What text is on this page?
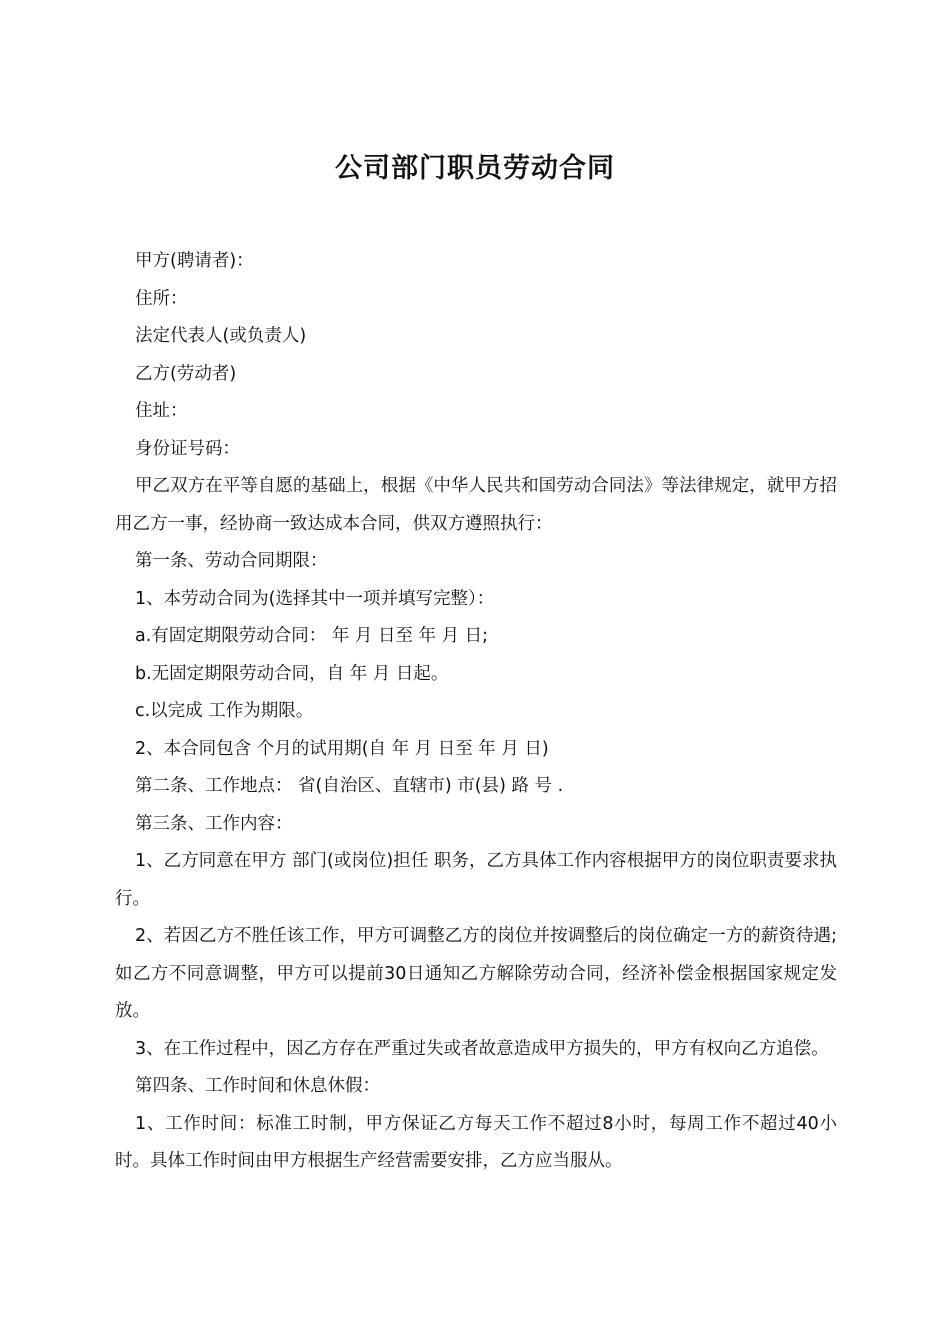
公司部门职员劳动合同

甲方(聘请者)：

住所：

法定代表人(或负责人)

乙方(劳动者)

住址：

身份证号码：

甲乙双方在平等自愿的基础上，根据《中华人民共和国劳动合同法》等法律规定，就甲方招用乙方一事，经协商一致达成本合同，供双方遵照执行：

第一条、劳动合同期限：

1、本劳动合同为(选择其中一项并填写完整）：

a.有固定期限劳动合同： 年 月 日至 年 月 日;

b.无固定期限劳动合同，自 年 月 日起。

c.以完成 工作为期限。

2、本合同包含 个月的试用期(自 年 月 日至 年 月 日)

第二条、工作地点： 省(自治区、直辖市) 市(县) 路 号 .

第三条、工作内容：

1、乙方同意在甲方 部门(或岗位)担任 职务，乙方具体工作内容根据甲方的岗位职责要求执行。

2、若因乙方不胜任该工作，甲方可调整乙方的岗位并按调整后的岗位确定一方的薪资待遇;如乙方不同意调整，甲方可以提前30日通知乙方解除劳动合同，经济补偿金根据国家规定发放。

3、在工作过程中，因乙方存在严重过失或者故意造成甲方损失的，甲方有权向乙方追偿。

第四条、工作时间和休息休假：

1、工作时间：标准工时制，甲方保证乙方每天工作不超过8小时，每周工作不超过40小时。具体工作时间由甲方根据生产经营需要安排，乙方应当服从。
